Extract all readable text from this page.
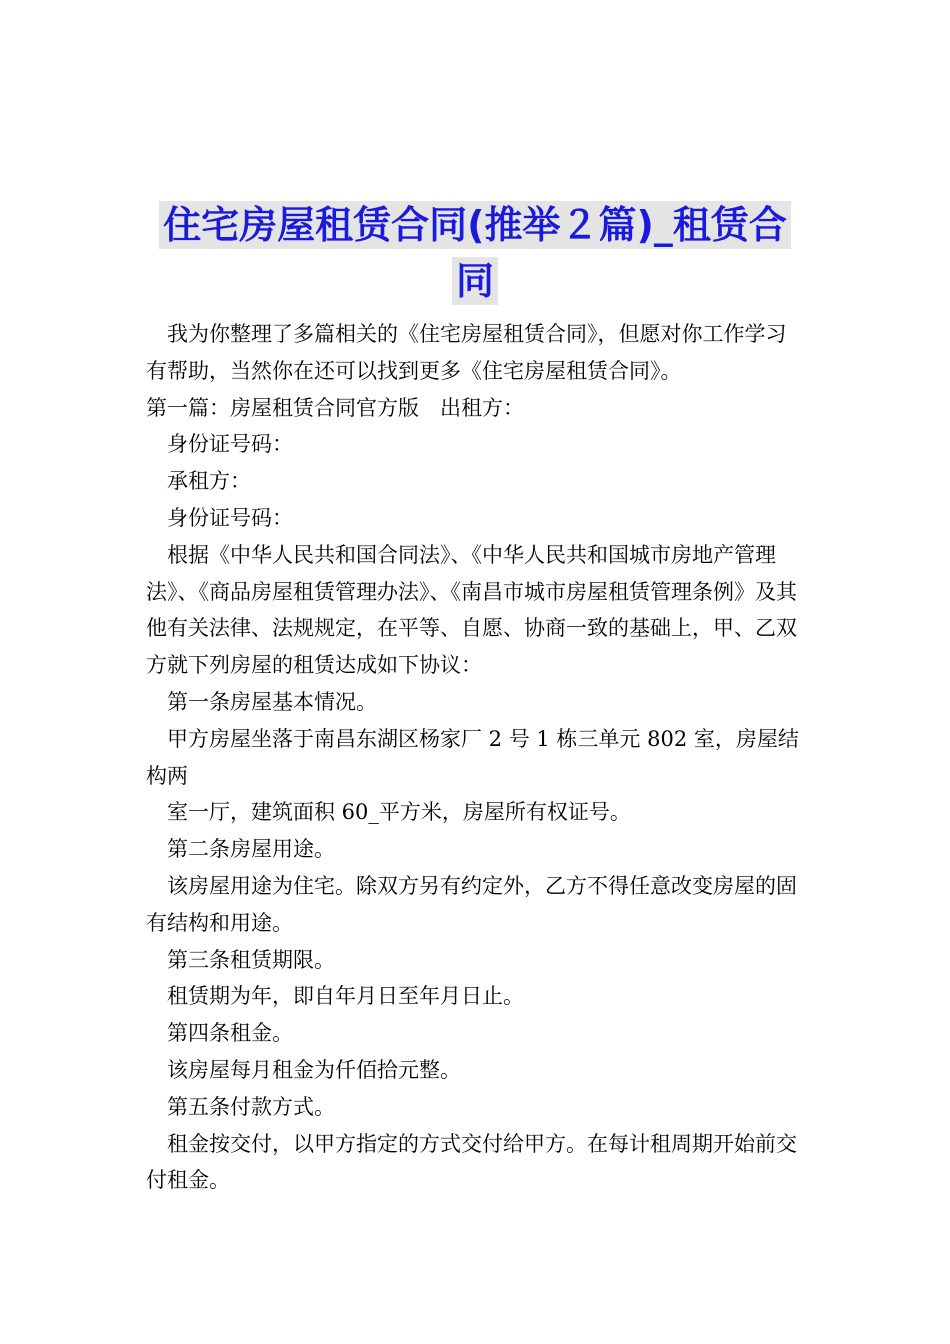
住宅房屋租赁合同(推举２篇)_租赁合同

　我为你整理了多篇相关的《住宅房屋租赁合同》，但愿对你工作学习有帮助，当然你在还可以找到更多《住宅房屋租赁合同》。

第一篇：房屋租赁合同官方版　出租方：

　身份证号码：

　承租方：

　身份证号码：

　根据《中华人民共和国合同法》、《中华人民共和国城市房地产管理法》、《商品房屋租赁管理办法》、《南昌市城市房屋租赁管理条例》及其他有关法律、法规规定，在平等、自愿、协商一致的基础上，甲、乙双方就下列房屋的租赁达成如下协议：

　第一条房屋基本情况。

　甲方房屋坐落于南昌东湖区杨家厂 2 号 1 栋三单元 802 室，房屋结构两

　室一厅，建筑面积 60_平方米，房屋所有权证号。

　第二条房屋用途。

　该房屋用途为住宅。除双方另有约定外，乙方不得任意改变房屋的固有结构和用途。

　第三条租赁期限。

　租赁期为年，即自年月日至年月日止。

　第四条租金。

　该房屋每月租金为仟佰拾元整。

　第五条付款方式。

　租金按交付，以甲方指定的方式交付给甲方。在每计租周期开始前交付租金。
